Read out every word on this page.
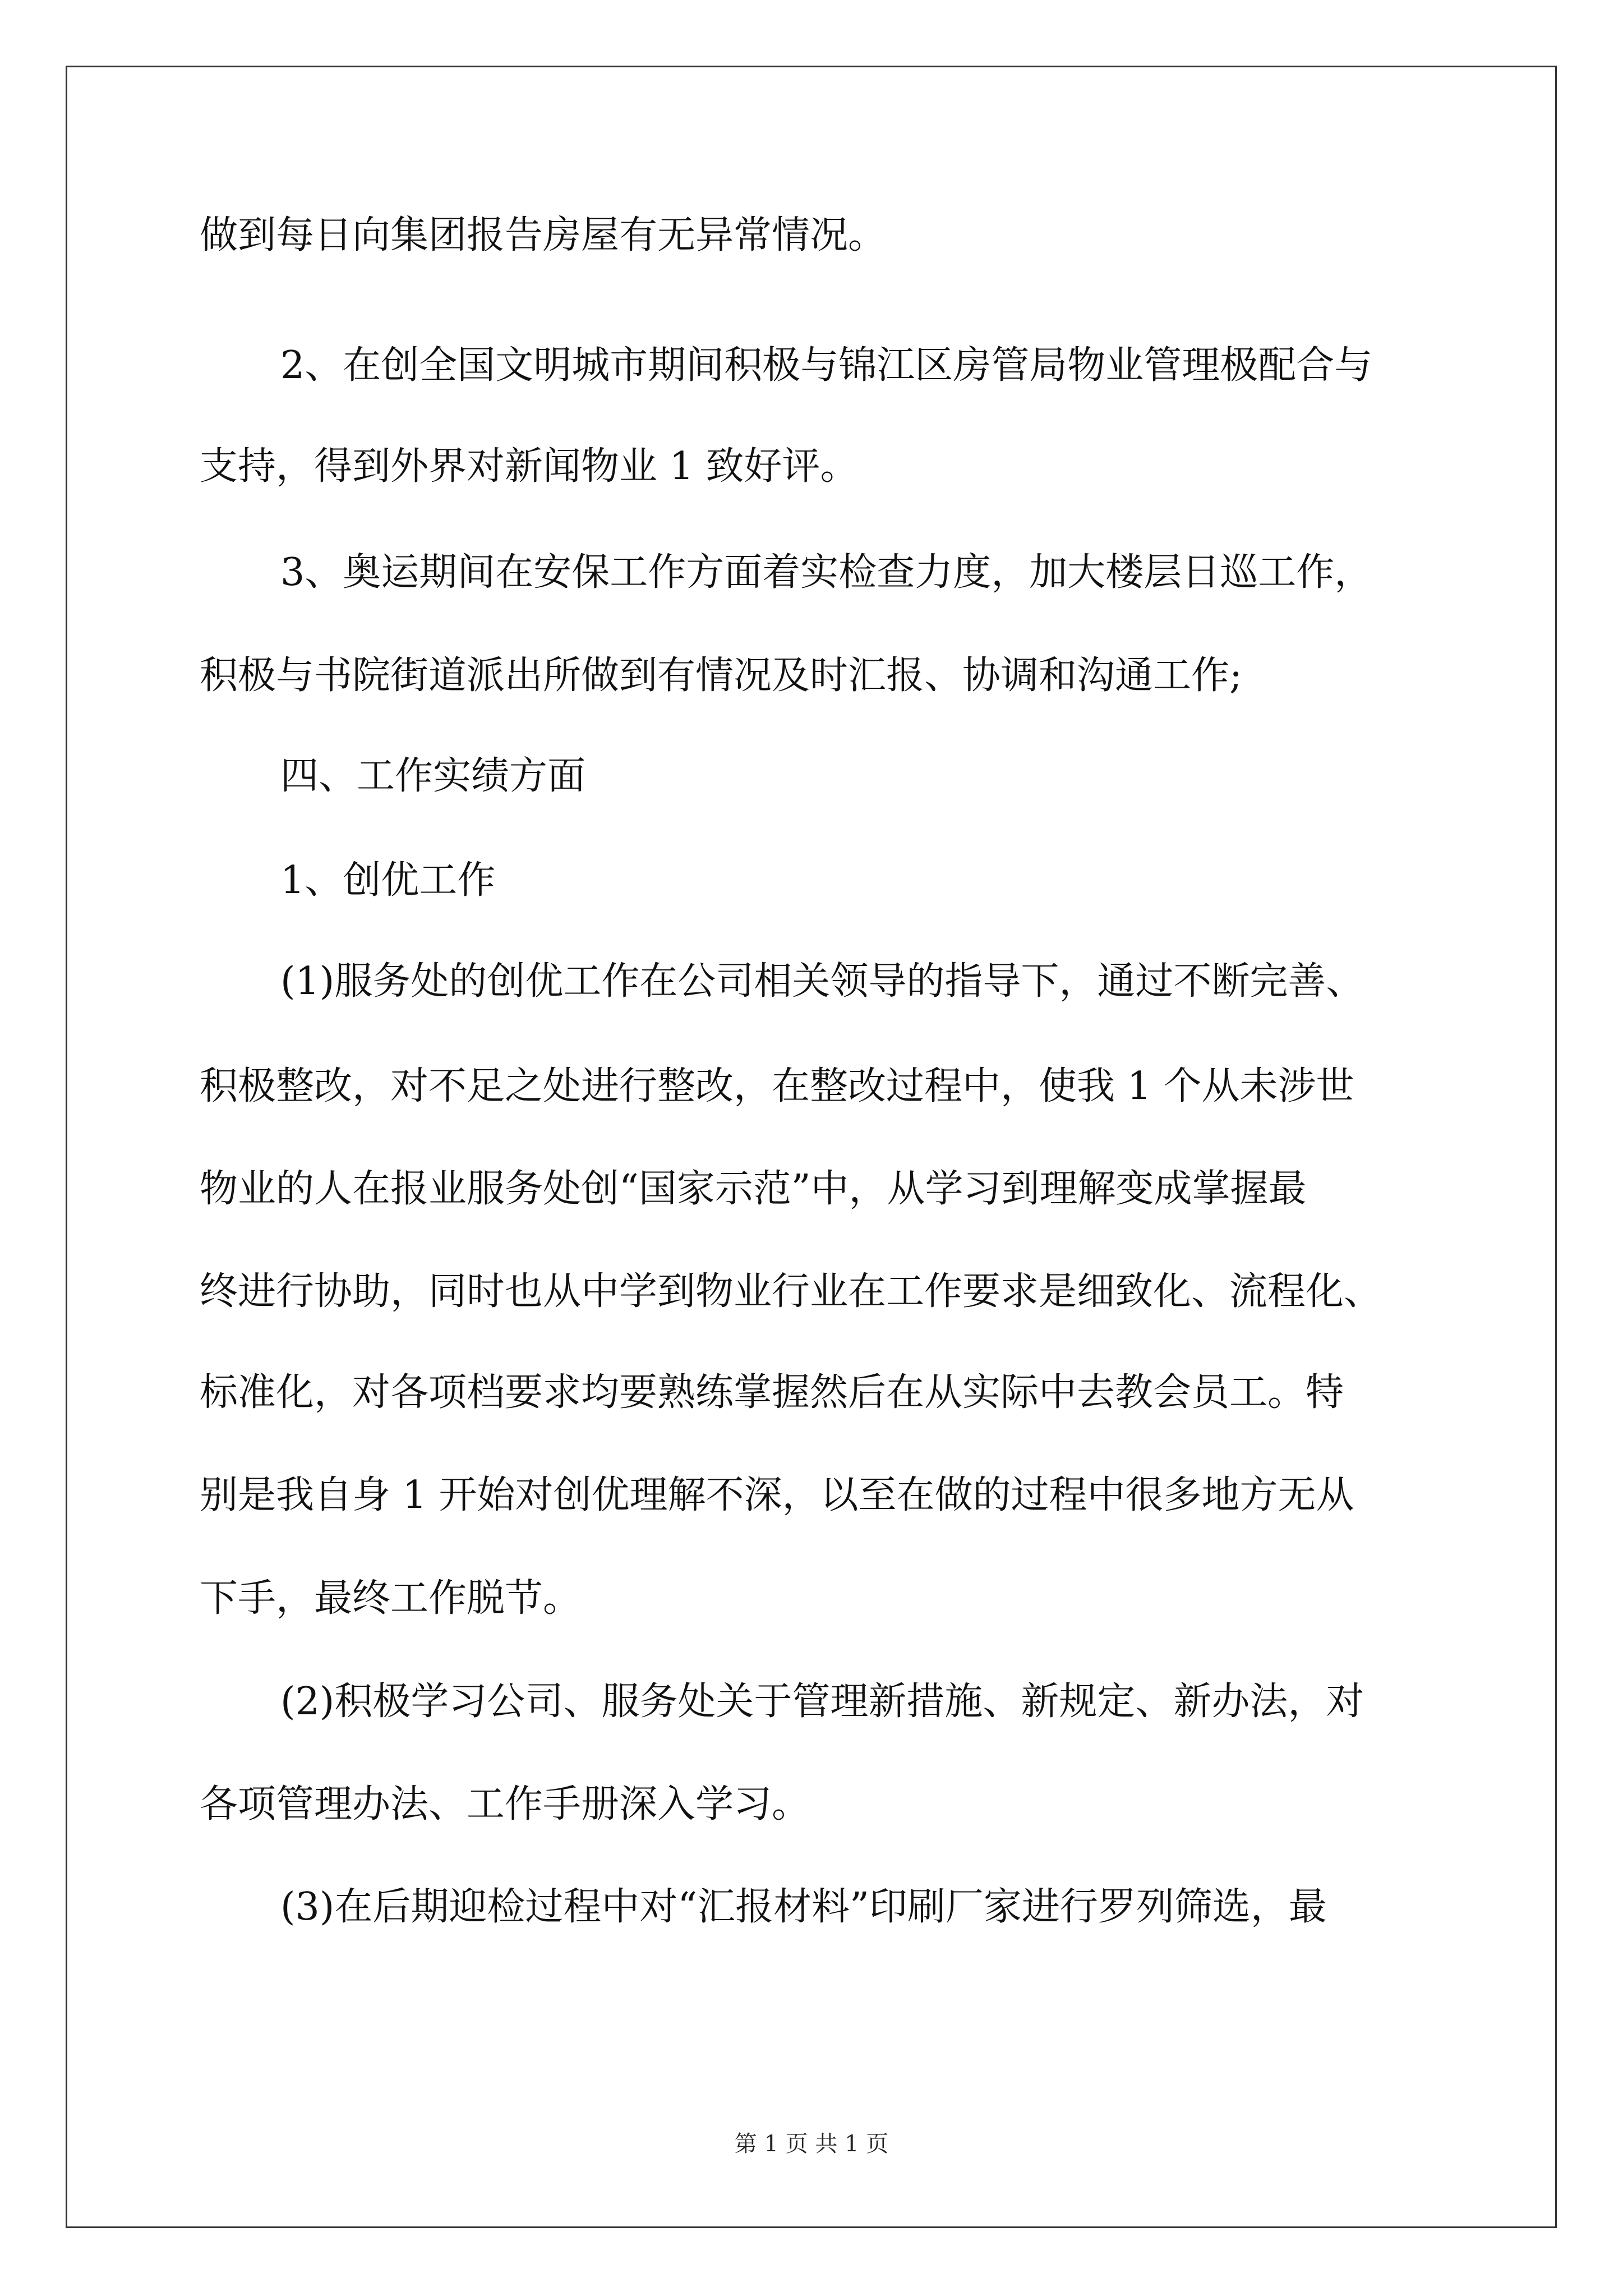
做到每日向集团报告房屋有无异常情况。
2、在创全国文明城市期间积极与锦江区房管局物业管理极配合与
支持，得到外界对新闻物业 1 致好评。
3、奥运期间在安保工作方面着实检查力度，加大楼层日巡工作，
积极与书院街道派出所做到有情况及时汇报、协调和沟通工作;
四、工作实绩方面
1、创优工作
(1)服务处的创优工作在公司相关领导的指导下，通过不断完善、
积极整改，对不足之处进行整改，在整改过程中，使我 1 个从未涉世
物业的人在报业服务处创“国家示范”中，从学习到理解变成掌握最
终进行协助，同时也从中学到物业行业在工作要求是细致化、流程化、
标准化，对各项档要求均要熟练掌握然后在从实际中去教会员工。特
别是我自身 1 开始对创优理解不深，以至在做的过程中很多地方无从
下手，最终工作脱节。
(2)积极学习公司、服务处关于管理新措施、新规定、新办法，对
各项管理办法、工作手册深入学习。
(3)在后期迎检过程中对“汇报材料”印刷厂家进行罗列筛选，最
第 1 页 共 1 页
